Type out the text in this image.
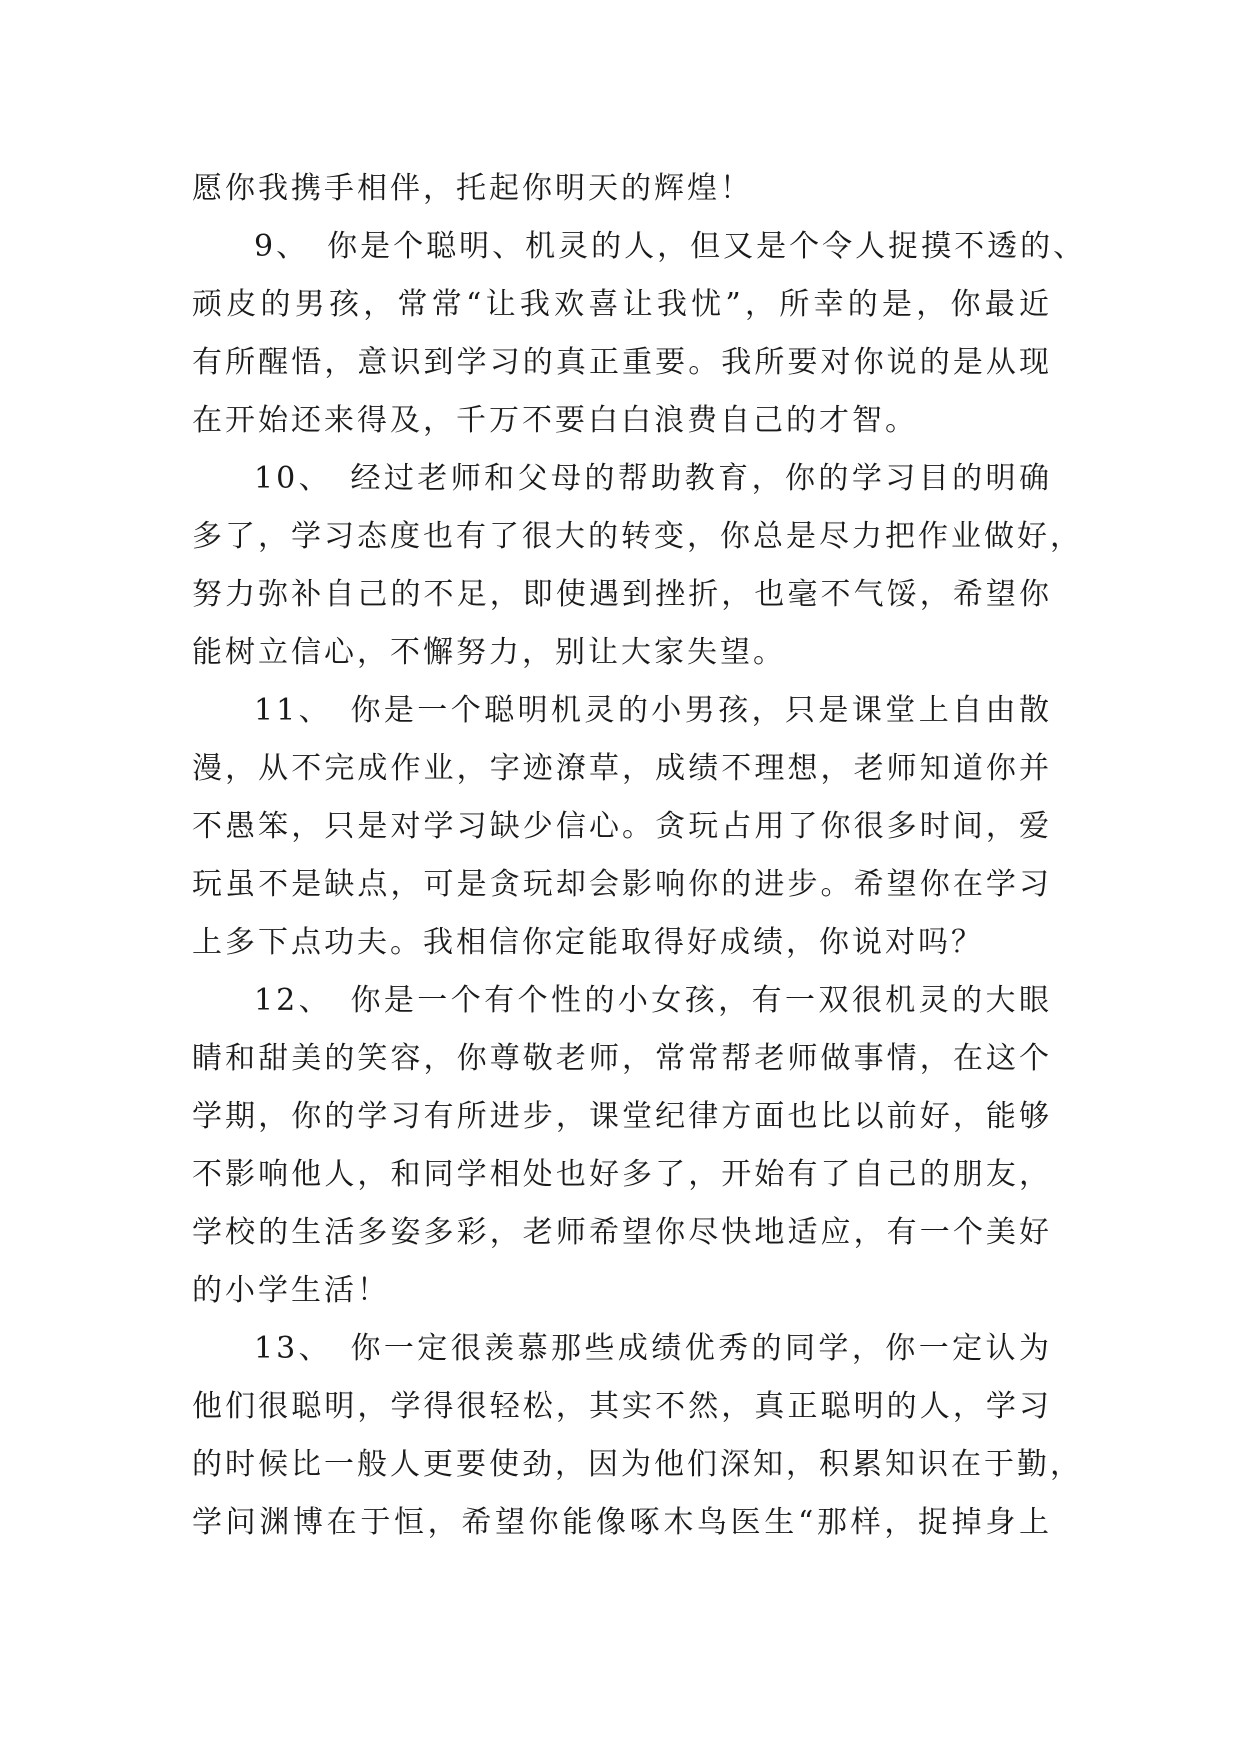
愿你我携手相伴，托起你明天的辉煌！
9、　你是个聪明、机灵的人，但又是个令人捉摸不透的、
顽皮的男孩，常常“让我欢喜让我忧”，所幸的是，你最近
有所醒悟，意识到学习的真正重要。我所要对你说的是从现
在开始还来得及，千万不要白白浪费自己的才智。
10、　经过老师和父母的帮助教育，你的学习目的明确
多了，学习态度也有了很大的转变，你总是尽力把作业做好，
努力弥补自己的不足，即使遇到挫折，也毫不气馁，希望你
能树立信心，不懈努力，别让大家失望。
11、　你是一个聪明机灵的小男孩，只是课堂上自由散
漫，从不完成作业，字迹潦草，成绩不理想，老师知道你并
不愚笨，只是对学习缺少信心。贪玩占用了你很多时间，爱
玩虽不是缺点，可是贪玩却会影响你的进步。希望你在学习
上多下点功夫。我相信你定能取得好成绩，你说对吗？
12、　你是一个有个性的小女孩，有一双很机灵的大眼
睛和甜美的笑容，你尊敬老师，常常帮老师做事情，在这个
学期，你的学习有所进步，课堂纪律方面也比以前好，能够
不影响他人，和同学相处也好多了，开始有了自己的朋友，
学校的生活多姿多彩，老师希望你尽快地适应，有一个美好
的小学生活！
13、　你一定很羡慕那些成绩优秀的同学，你一定认为
他们很聪明，学得很轻松，其实不然，真正聪明的人，学习
的时候比一般人更要使劲，因为他们深知，积累知识在于勤，
学问渊博在于恒，希望你能像啄木鸟医生“那样，捉掉身上
